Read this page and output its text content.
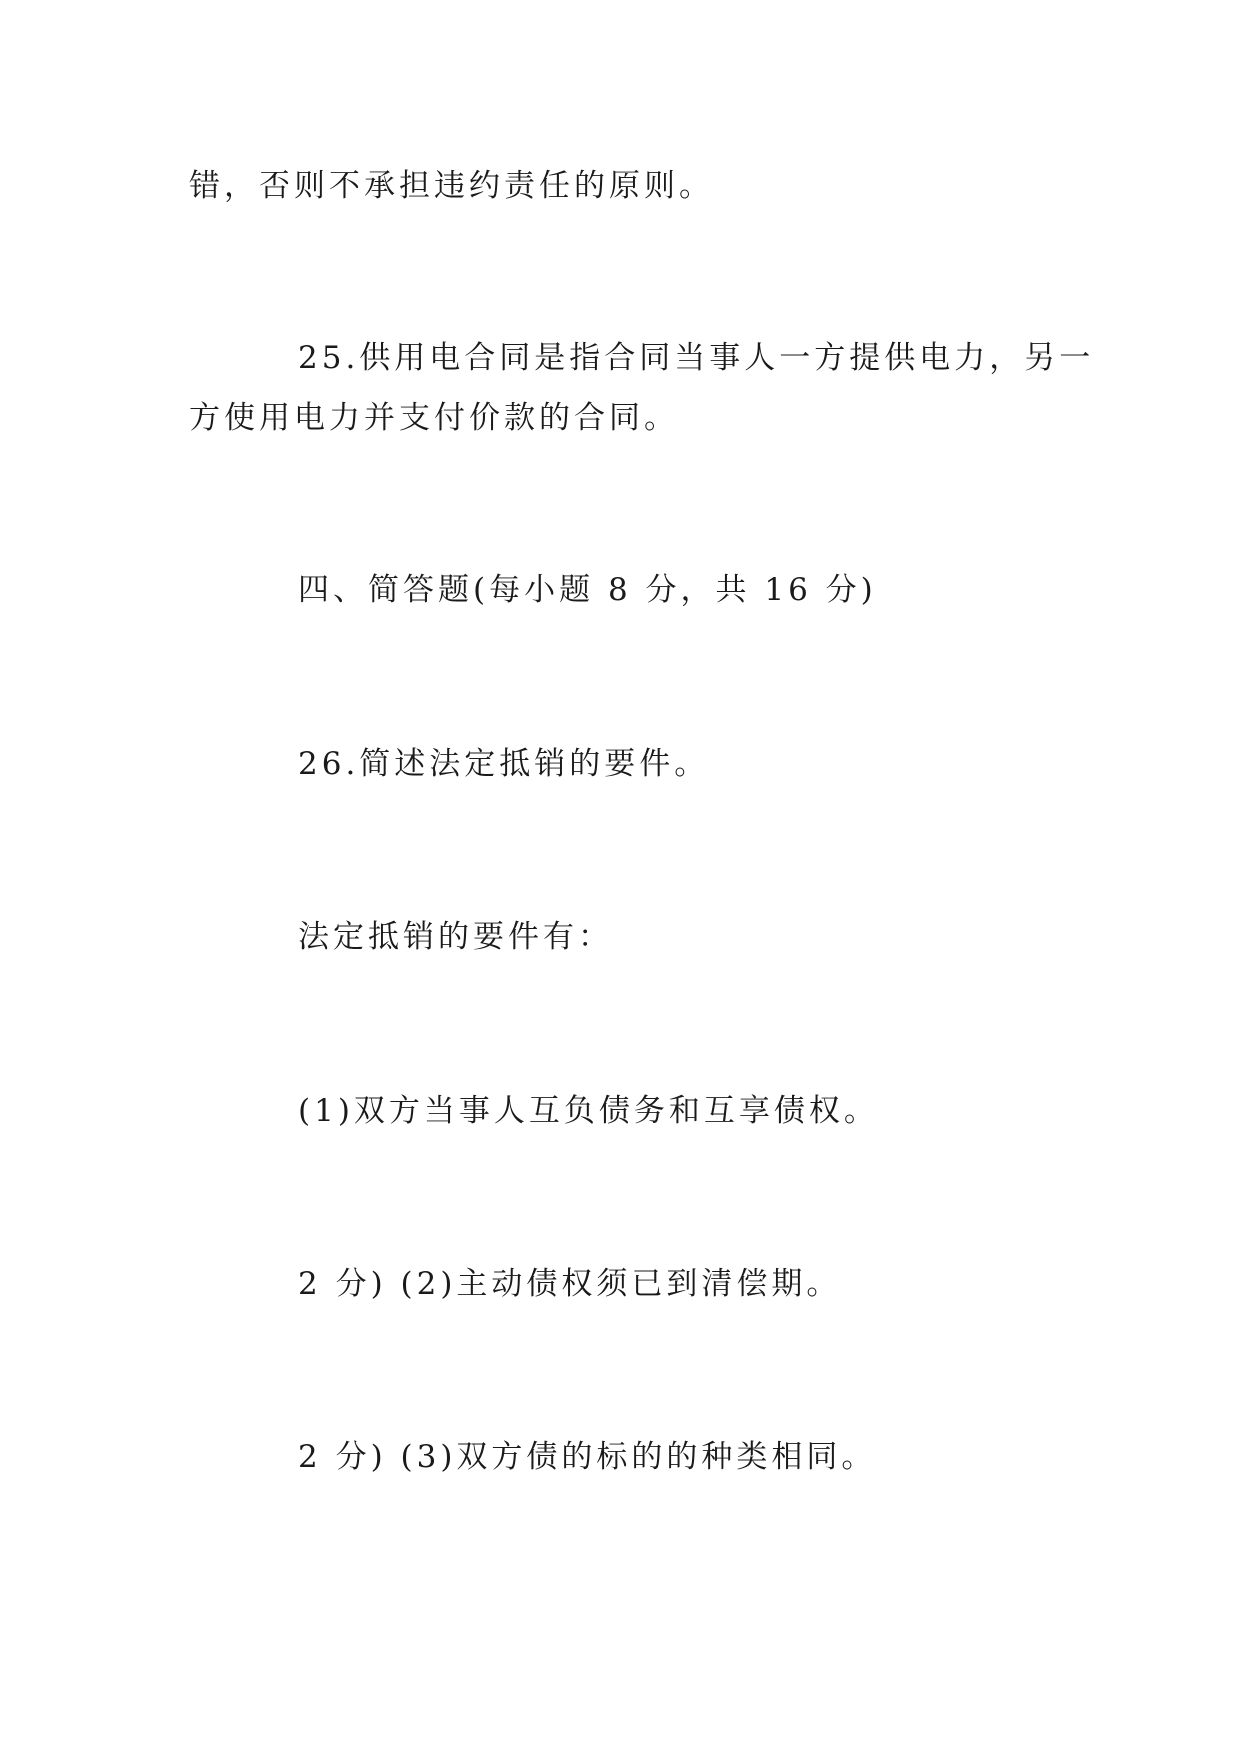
错，否则不承担违约责任的原则。
25.供用电合同是指合同当事人一方提供电力，另一
方使用电力并支付价款的合同。
四、简答题(每小题 8 分，共 16 分)
26.简述法定抵销的要件。
法定抵销的要件有：
(1)双方当事人互负债务和互享债权。
2 分) (2)主动债权须已到清偿期。
2 分) (3)双方债的标的的种类相同。
